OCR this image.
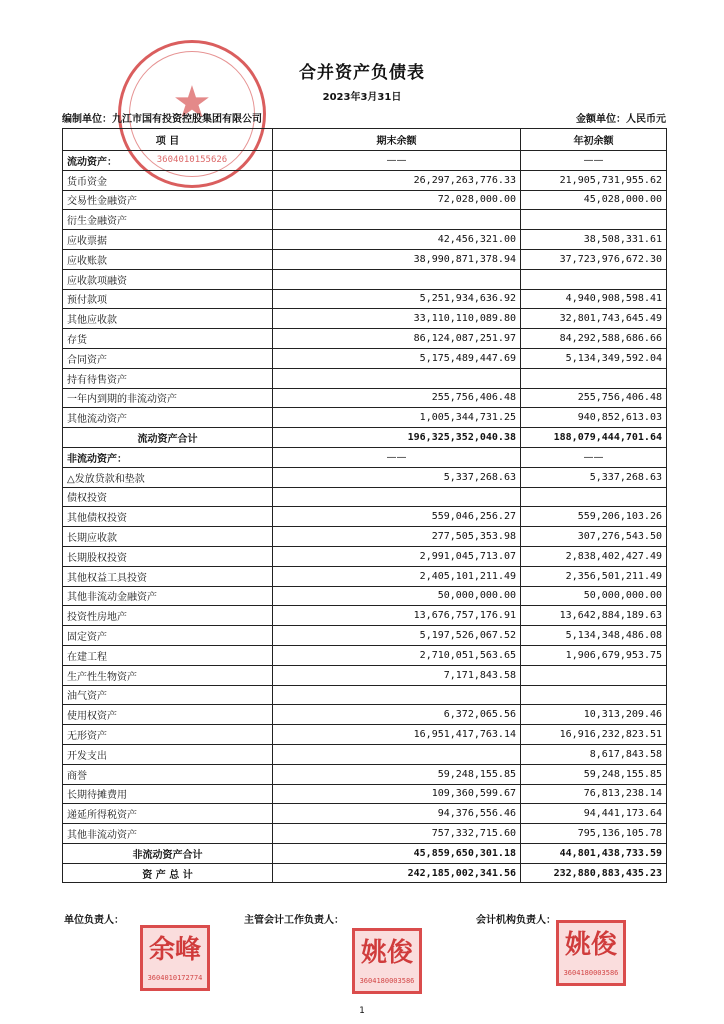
★
3604010155626
合并资产负债表
2023年3月31日
编制单位：九江市国有投资控股集团有限公司	金额单位：人民币元
项 目	期末余额	年初余额
流动资产：	——	——
货币资金	26,297,263,776.33	21,905,731,955.62
交易性金融资产	72,028,000.00	45,028,000.00
衍生金融资产		
应收票据	42,456,321.00	38,508,331.61
应收账款	38,990,871,378.94	37,723,976,672.30
应收款项融资		
预付款项	5,251,934,636.92	4,940,908,598.41
其他应收款	33,110,110,089.80	32,801,743,645.49
存货	86,124,087,251.97	84,292,588,686.66
合同资产	5,175,489,447.69	5,134,349,592.04
持有待售资产		
一年内到期的非流动资产	255,756,406.48	255,756,406.48
其他流动资产	1,005,344,731.25	940,852,613.03
流动资产合计	196,325,352,040.38	188,079,444,701.64
非流动资产：	——	——
△发放贷款和垫款	5,337,268.63	5,337,268.63
债权投资		
其他债权投资	559,046,256.27	559,206,103.26
长期应收款	277,505,353.98	307,276,543.50
长期股权投资	2,991,045,713.07	2,838,402,427.49
其他权益工具投资	2,405,101,211.49	2,356,501,211.49
其他非流动金融资产	50,000,000.00	50,000,000.00
投资性房地产	13,676,757,176.91	13,642,884,189.63
固定资产	5,197,526,067.52	5,134,348,486.08
在建工程	2,710,051,563.65	1,906,679,953.75
生产性生物资产	7,171,843.58	
油气资产		
使用权资产	6,372,065.56	10,313,209.46
无形资产	16,951,417,763.14	16,916,232,823.51
开发支出		8,617,843.58
商誉	59,248,155.85	59,248,155.85
长期待摊费用	109,360,599.67	76,813,238.14
递延所得税资产	94,376,556.46	94,441,173.64
其他非流动资产	757,332,715.60	795,136,105.78
非流动资产合计	45,859,650,301.18	44,801,438,733.59
资 产 总 计	242,185,002,341.56	232,880,883,435.23
单位负责人：	主管会计工作负责人：	会计机构负责人：
余峰
3604010172774
姚俊
3604180003586
姚俊
3604180003586
1
